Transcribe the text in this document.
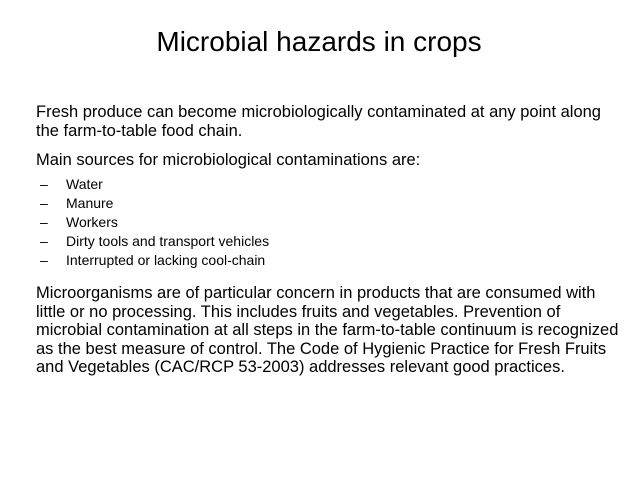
Microbial hazards in crops

Fresh produce can become microbiologically contaminated at any point along the farm-to-table food chain.

Main sources for microbiological contaminations are:

–	Water
–	Manure
–	Workers
–	Dirty tools and transport vehicles
–	Interrupted or lacking cool-chain

Microorganisms are of particular concern in products that are consumed with little or no processing. This includes fruits and vegetables. Prevention of microbial contamination at all steps in the farm-to-table continuum is recognized as the best measure of control. The Code of Hygienic Practice for Fresh Fruits and Vegetables (CAC/RCP 53-2003) addresses relevant good practices.
